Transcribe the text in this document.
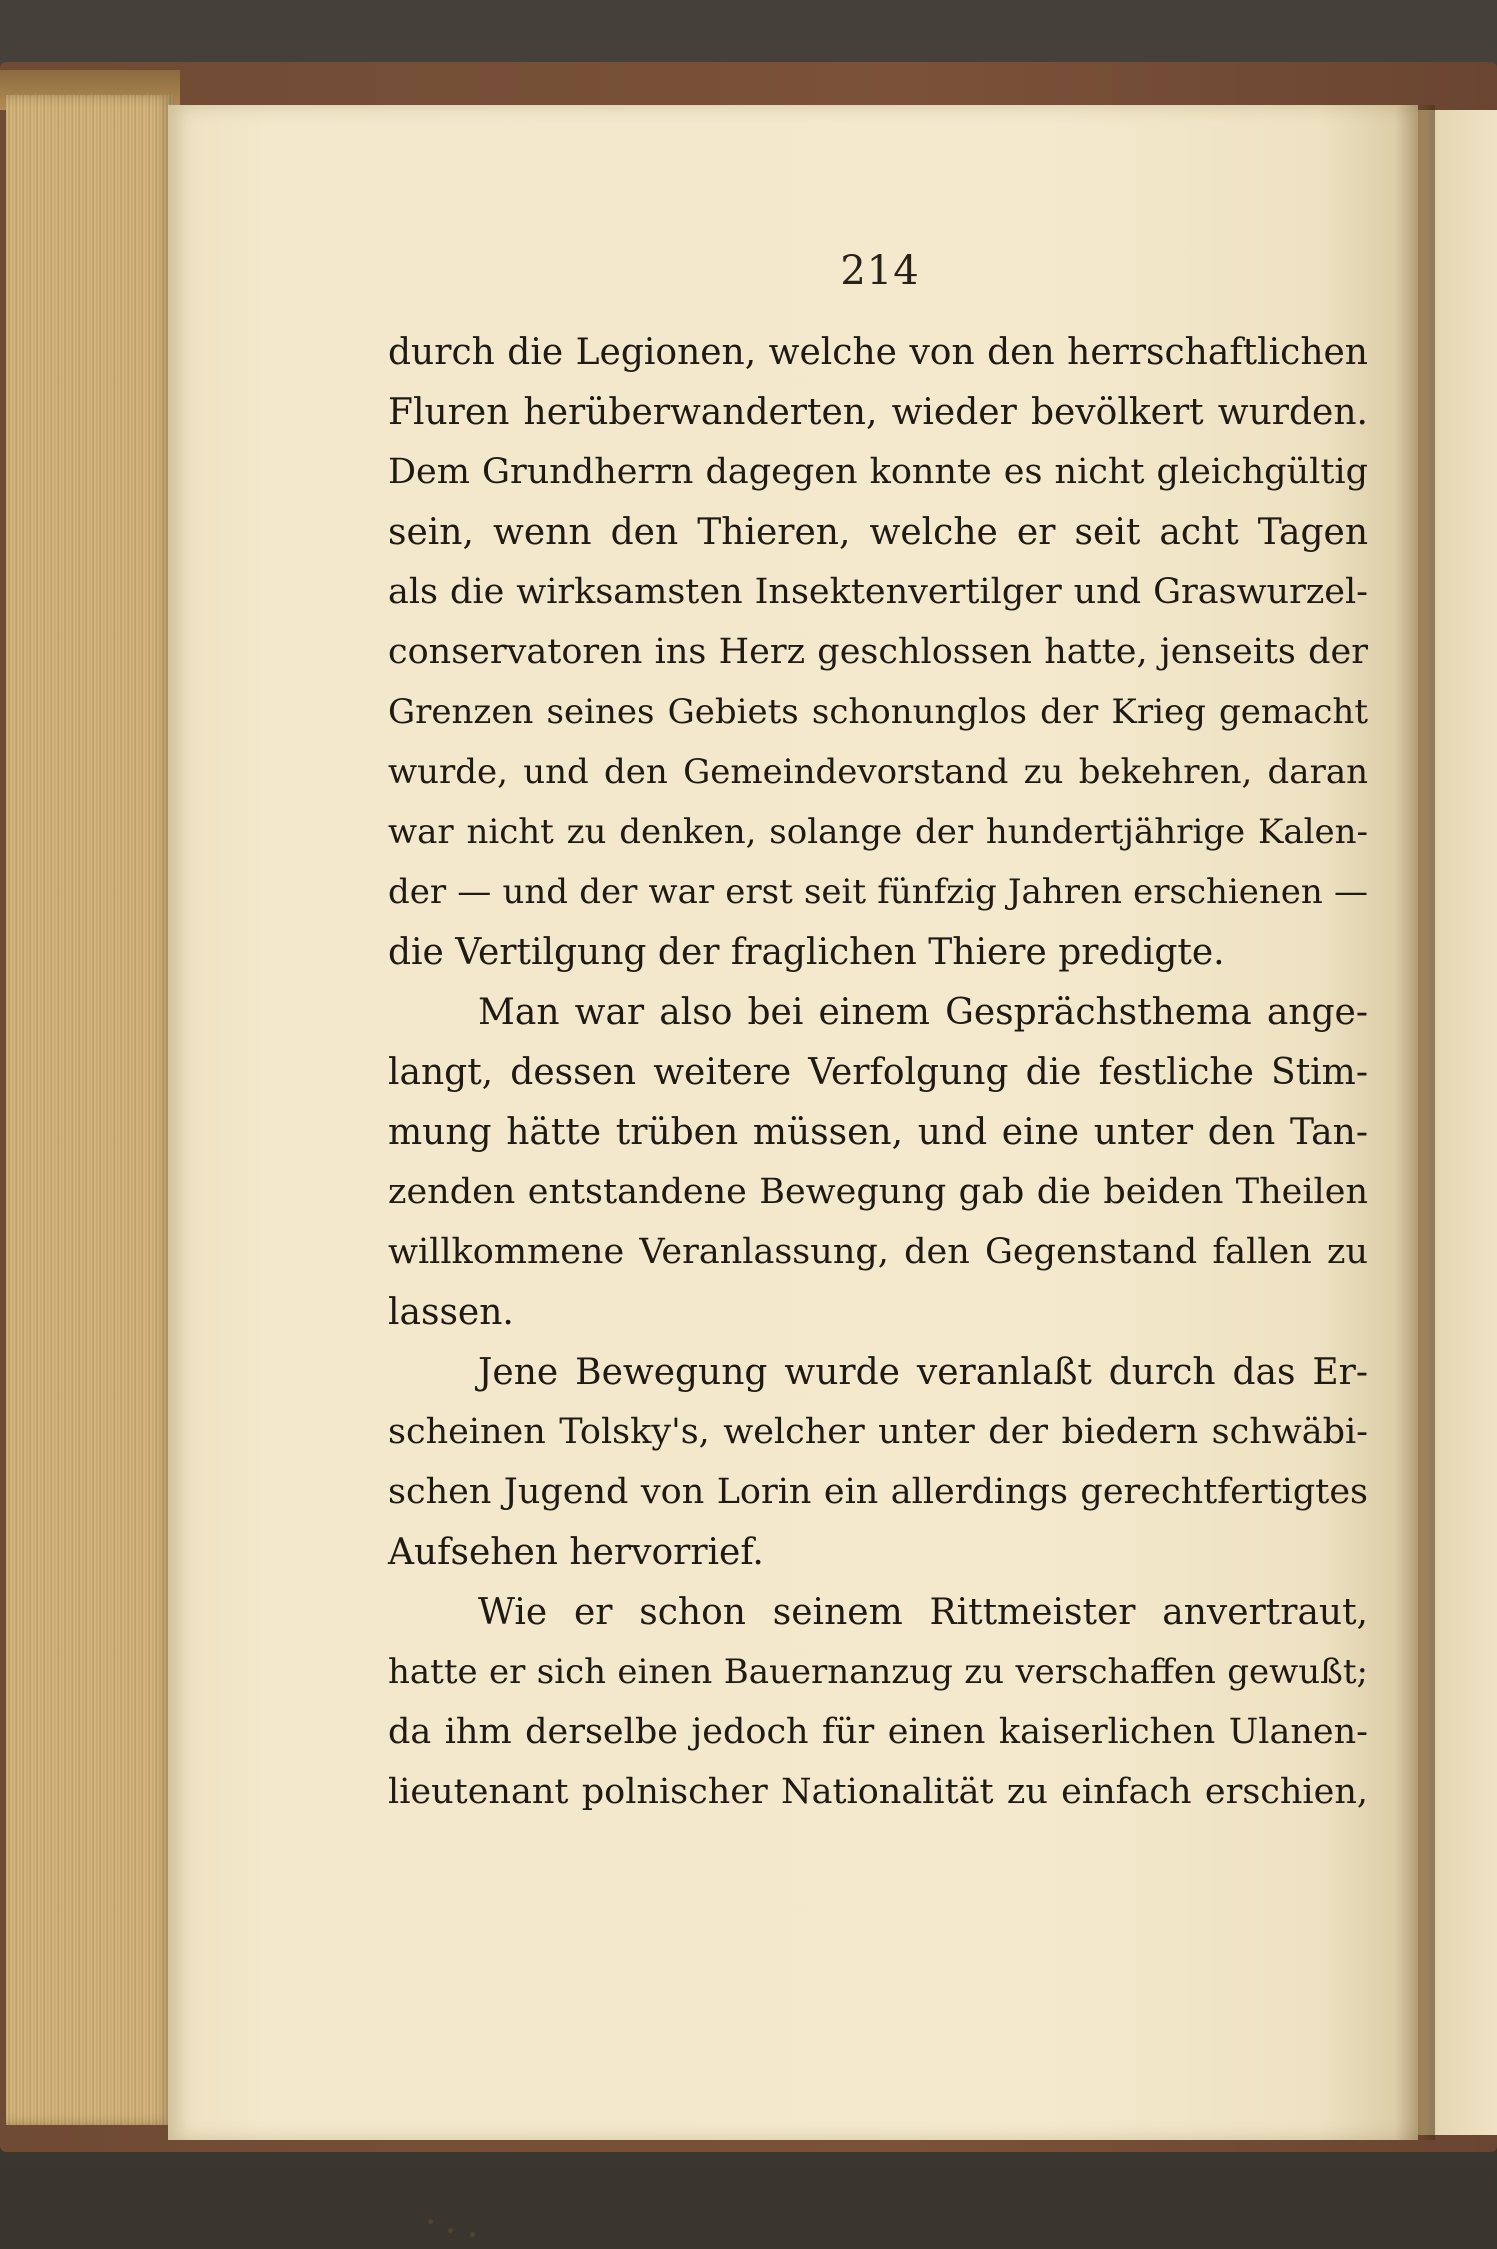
214
durch die Legionen, welche von den herrschaftlichen
Fluren herüberwanderten, wieder bevölkert wurden.
Dem Grundherrn dagegen konnte es nicht gleichgültig
sein, wenn den Thieren, welche er seit acht Tagen
als die wirksamsten Insektenvertilger und Graswurzel-
conservatoren ins Herz geschlossen hatte, jenseits der
Grenzen seines Gebiets schonunglos der Krieg gemacht
wurde, und den Gemeindevorstand zu bekehren, daran
war nicht zu denken, solange der hundertjährige Kalen-
der — und der war erst seit fünfzig Jahren erschienen —
die Vertilgung der fraglichen Thiere predigte.
Man war also bei einem Gesprächsthema ange-
langt, dessen weitere Verfolgung die festliche Stim-
mung hätte trüben müssen, und eine unter den Tan-
zenden entstandene Bewegung gab die beiden Theilen
willkommene Veranlassung, den Gegenstand fallen zu
lassen.
Jene Bewegung wurde veranlaßt durch das Er-
scheinen Tolsky's, welcher unter der biedern schwäbi-
schen Jugend von Lorin ein allerdings gerechtfertigtes
Aufsehen hervorrief.
Wie er schon seinem Rittmeister anvertraut,
hatte er sich einen Bauernanzug zu verschaffen gewußt;
da ihm derselbe jedoch für einen kaiserlichen Ulanen-
lieutenant polnischer Nationalität zu einfach erschien,
